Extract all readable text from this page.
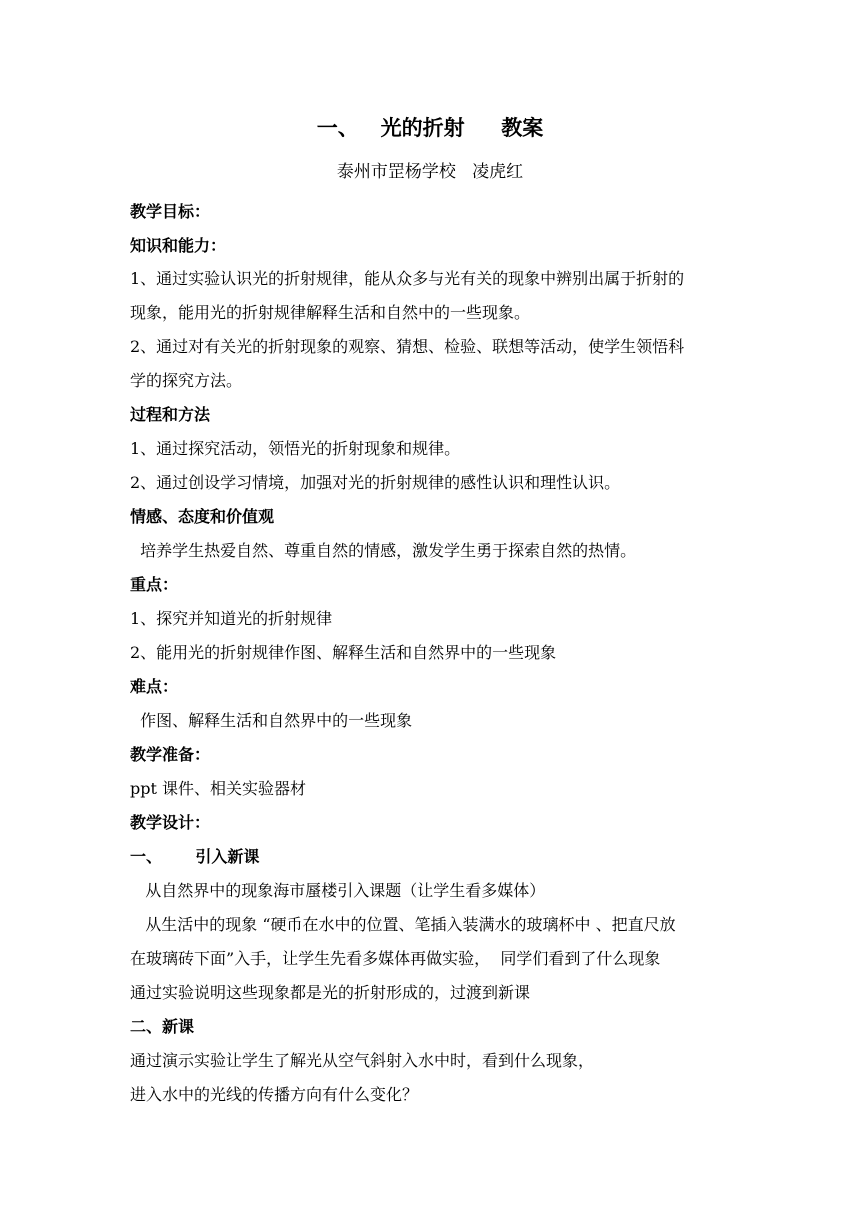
一、   光的折射     教案
泰州市罡杨学校   凌虎红
教学目标：
知识和能力：
1、通过实验认识光的折射规律，能从众多与光有关的现象中辨别出属于折射的
现象，能用光的折射规律解释生活和自然中的一些现象。
2、通过对有关光的折射现象的观察、猜想、检验、联想等活动，使学生领悟科
学的探究方法。
过程和方法
1、通过探究活动，领悟光的折射现象和规律。
2、通过创设学习情境，加强对光的折射规律的感性认识和理性认识。
情感、态度和价值观
培养学生热爱自然、尊重自然的情感，激发学生勇于探索自然的热情。
重点：
1、探究并知道光的折射规律
2、能用光的折射规律作图、解释生活和自然界中的一些现象
难点：
作图、解释生活和自然界中的一些现象
教学准备：
ppt 课件、相关实验器材
教学设计：
一、      引入新课
从自然界中的现象海市蜃楼引入课题（让学生看多媒体）
从生活中的现象 “硬币在水中的位置、笔插入装满水的玻璃杯中 、把直尺放
在玻璃砖下面”入手，让学生先看多媒体再做实验，  同学们看到了什么现象
通过实验说明这些现象都是光的折射形成的，过渡到新课
二、新课
通过演示实验让学生了解光从空气斜射入水中时，看到什么现象，
进入水中的光线的传播方向有什么变化？
